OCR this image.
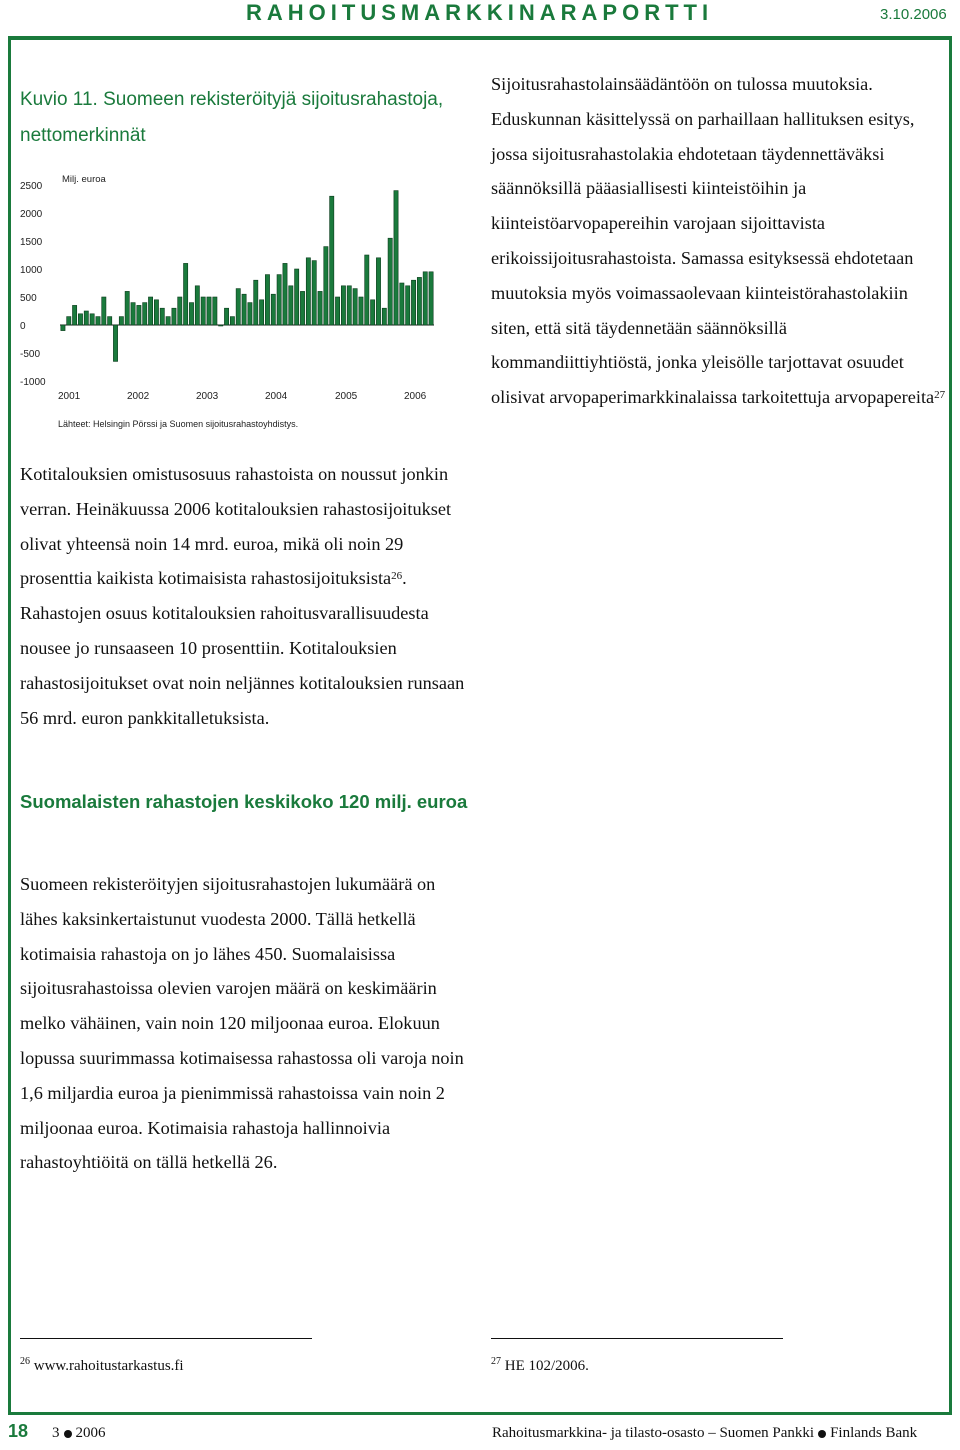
RAHOITUSMARKKINARAPORTTI	3.10.2006
Kuvio 11. Suomeen rekisteröityjä sijoitusrahastoja, nettomerkinnät
2500
2000
1500
1000
500
0
-500
-1000
Milj. euroa
2001	2002	2003	2004	2005	2006
Lähteet: Helsingin Pörssi ja Suomen sijoitusrahastoyhdistys.

Sijoitusrahastolainsäädäntöön on tulossa muutoksia. Eduskunnan käsittelyssä on parhaillaan hallituksen esitys, jossa sijoitusrahastolakia ehdotetaan täydennettäväksi säännöksillä pääasiallisesti kiinteistöihin ja kiinteistöarvopapereihin varojaan sijoittavista erikoissijoitusrahastoista. Samassa esityksessä ehdotetaan muutoksia myös voimassaolevaan kiinteistörahastolakiin siten, että sitä täydennetään säännöksillä kommandiittiyhtiöstä, jonka yleisölle tarjottavat osuudet olisivat arvopaperimarkkinalaissa tarkoitettuja arvopapereita$^{27}$

Kotitalouksien omistusosuus rahastoista on noussut jonkin verran. Heinäkuussa 2006 kotitalouksien rahastosijoitukset olivat yhteensä noin 14 mrd. euroa, mikä oli noin 29 prosenttia kaikista kotimaisista rahastosijoituksista$^{26}$. Rahastojen osuus kotitalouksien rahoitusvarallisuudesta nousee jo runsaaseen 10 prosenttiin. Kotitalouksien rahastosijoitukset ovat noin neljännes kotitalouksien runsaan 56 mrd. euron pankkitalletuksista.

Suomalaisten rahastojen keskikoko 120 milj. euroa

Suomeen rekisteröityjen sijoitusrahastojen lukumäärä on lähes kaksinkertaistunut vuodesta 2000. Tällä hetkellä kotimaisia rahastoja on jo lähes 450. Suomalaisissa sijoitusrahastoissa olevien varojen määrä on keskimäärin melko vähäinen, vain noin 120 miljoonaa euroa. Elokuun lopussa suurimmassa kotimaisessa rahastossa oli varoja noin 1,6 miljardia euroa ja pienimmissä rahastoissa vain noin 2 miljoonaa euroa. Kotimaisia rahastoja hallinnoivia rahastoyhtiöitä on tällä hetkellä 26.

$^{26}$ www.rahoitustarkastus.fi	$^{27}$ HE 102/2006.
18 3 2006	Rahoitusmarkkina- ja tilasto-osasto – Suomen Pankki Finlands Bank
